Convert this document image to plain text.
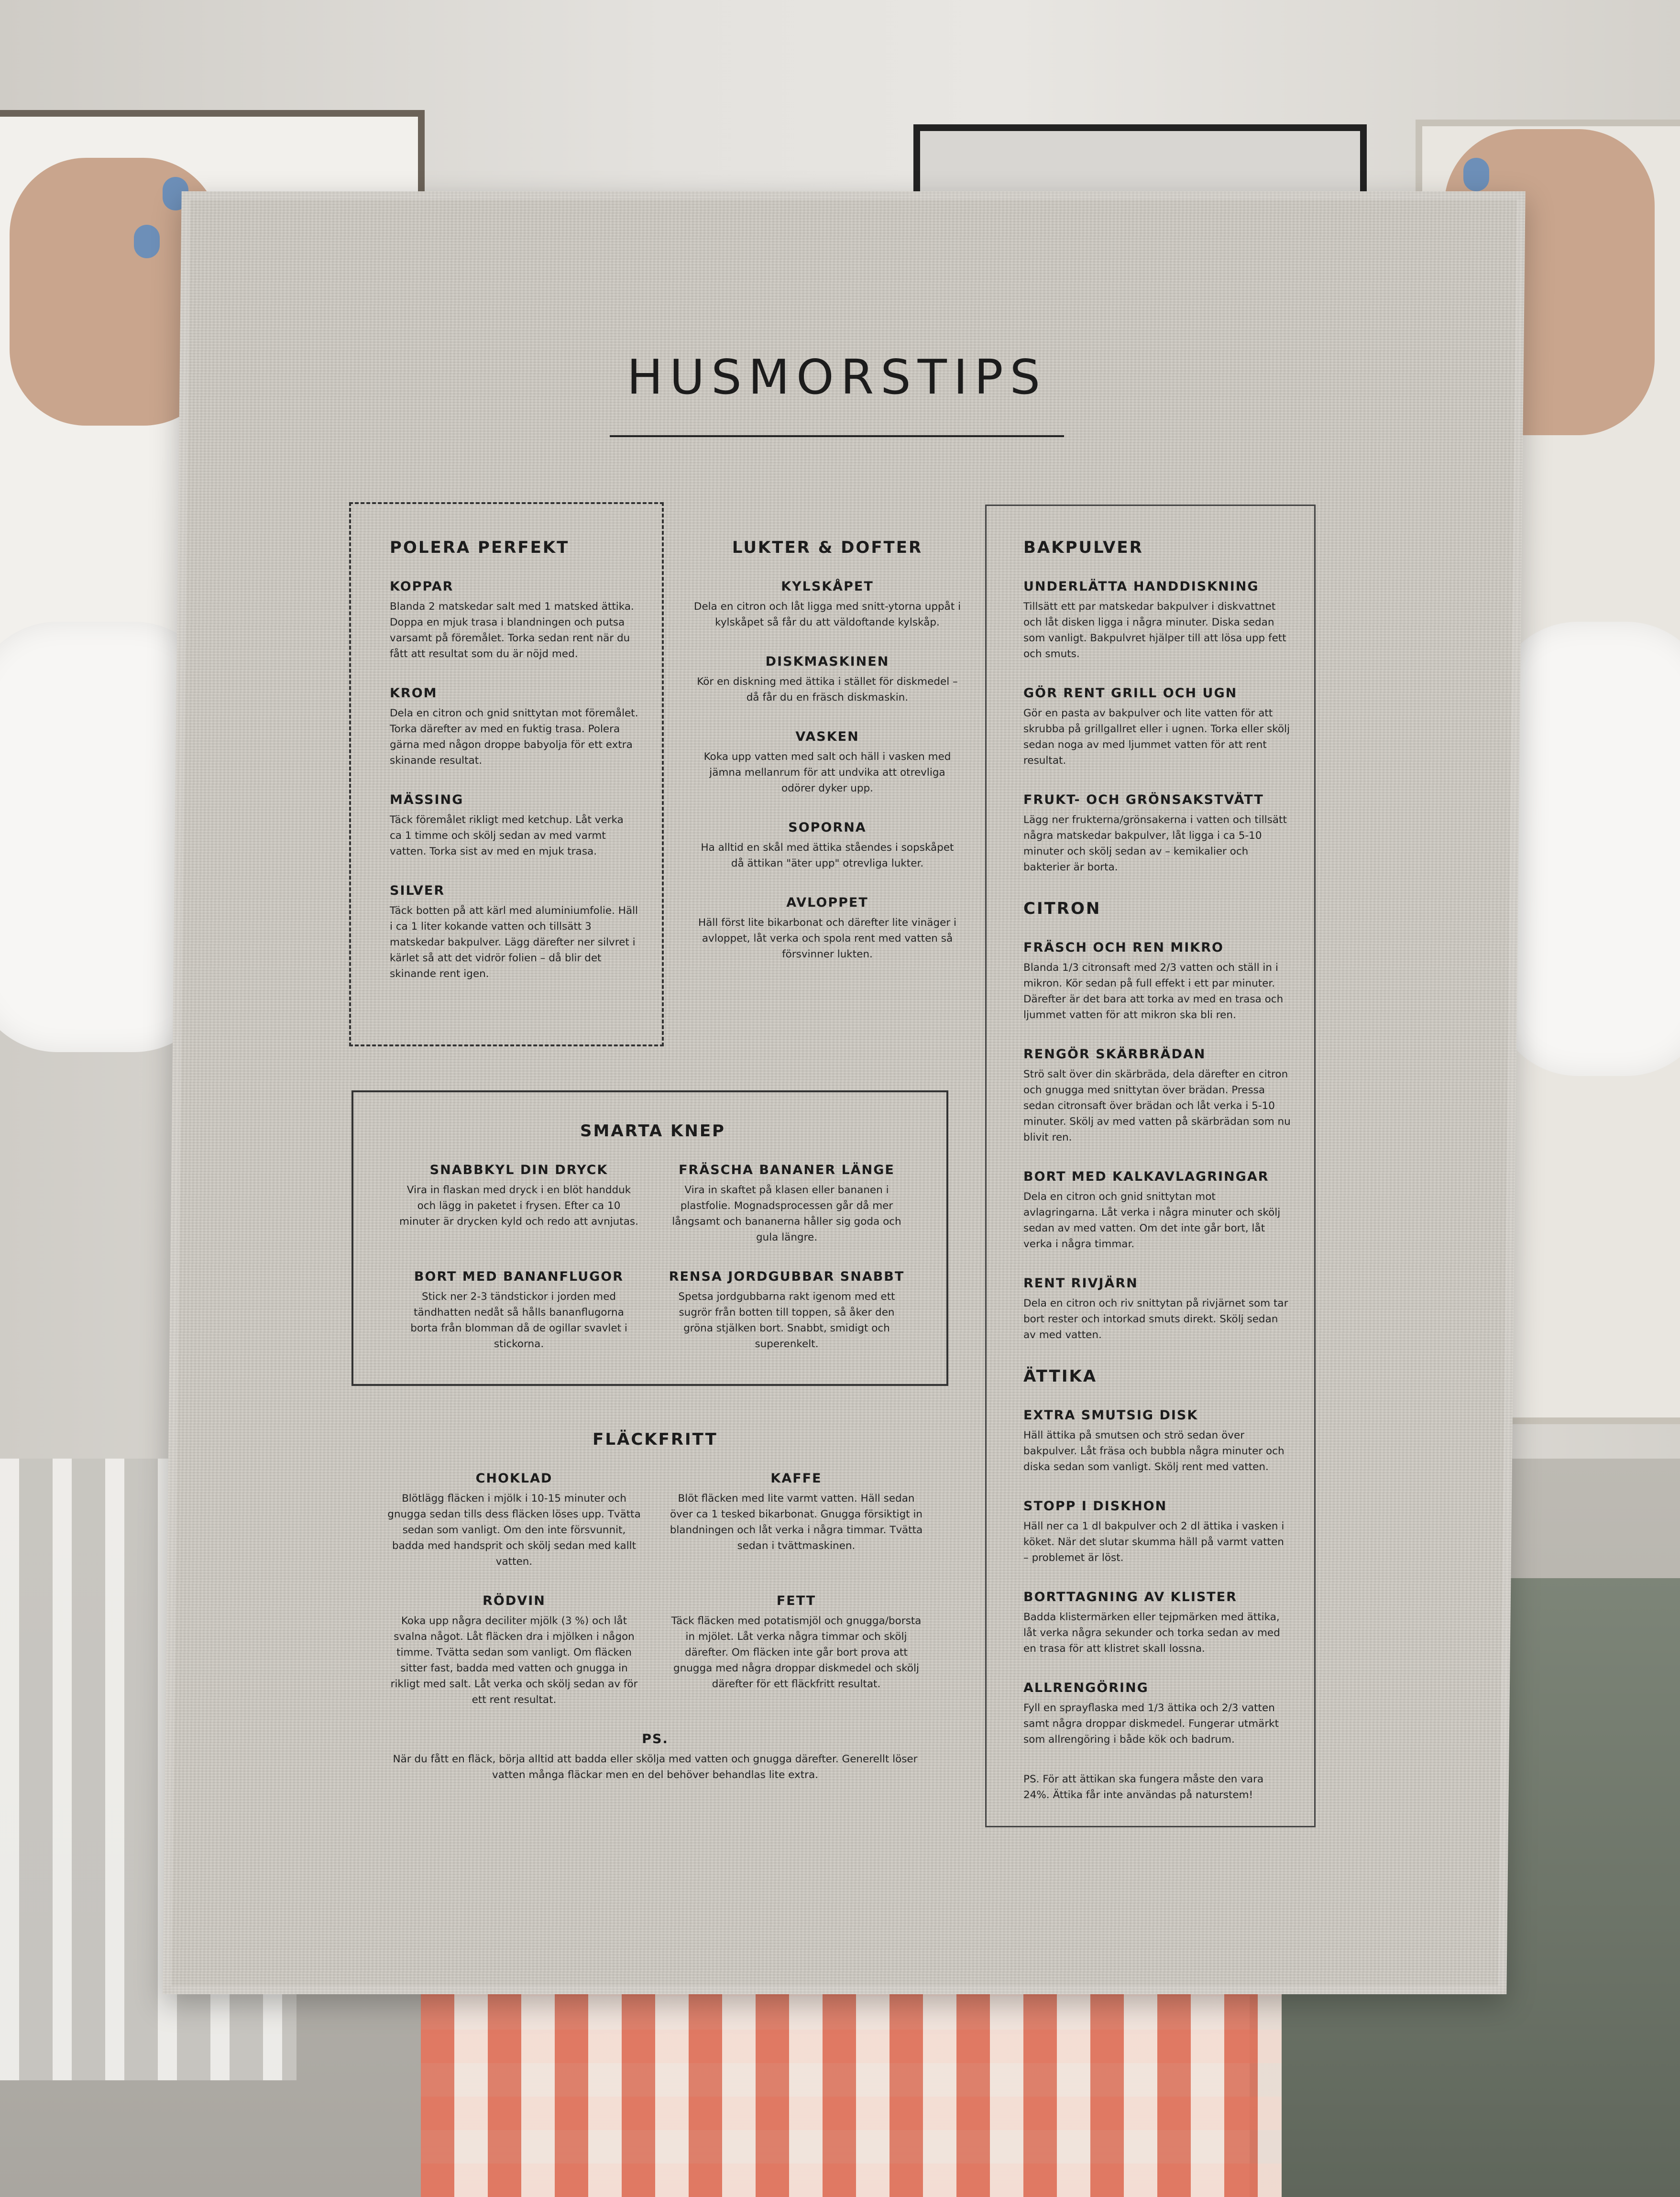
HUSMORSTIPS
POLERA PERFEKT
KOPPAR
Blanda 2 matskedar salt med 1 matsked ättika. Doppa en mjuk trasa i blandningen och putsa varsamt på föremålet. Torka sedan rent när du fått att resultat som du är nöjd med.
KROM
Dela en citron och gnid snittytan mot föremålet. Torka därefter av med en fuktig trasa. Polera gärna med någon droppe babyolja för ett extra skinande resultat.
MÄSSING
Täck föremålet rikligt med ketchup. Låt verka ca 1 timme och skölj sedan av med varmt vatten. Torka sist av med en mjuk trasa.
SILVER
Täck botten på att kärl med aluminiumfolie. Häll i ca 1 liter kokande vatten och tillsätt 3 matskedar bakpulver. Lägg därefter ner silvret i kärlet så att det vidrör folien – då blir det skinande rent igen.
LUKTER & DOFTER
KYLSKÅPET
Dela en citron och låt ligga med snitt-ytorna uppåt i kylskåpet så får du att väldoftande kylskåp.
DISKMASKINEN
Kör en diskning med ättika i stället för diskmedel – då får du en fräsch diskmaskin.
VASKEN
Koka upp vatten med salt och häll i vasken med jämna mellanrum för att undvika att otrevliga odörer dyker upp.
SOPORNA
Ha alltid en skål med ättika ståendes i sopskåpet då ättikan "äter upp" otrevliga lukter.
AVLOPPET
Häll först lite bikarbonat och därefter lite vinäger i avloppet, låt verka och spola rent med vatten så försvinner lukten.
SMARTA KNEP
SNABBKYL DIN DRYCK
Vira in flaskan med dryck i en blöt handduk och lägg in paketet i frysen. Efter ca 10 minuter är drycken kyld och redo att avnjutas.
FRÄSCHA BANANER LÄNGE
Vira in skaftet på klasen eller bananen i plastfolie. Mognadsprocessen går då mer långsamt och bananerna håller sig goda och gula längre.
BORT MED BANANFLUGOR
Stick ner 2-3 tändstickor i jorden med tändhatten nedåt så hålls bananflugorna borta från blomman då de ogillar svavlet i stickorna.
RENSA JORDGUBBAR SNABBT
Spetsa jordgubbarna rakt igenom med ett sugrör från botten till toppen, så åker den gröna stjälken bort. Snabbt, smidigt och superenkelt.
FLÄCKFRITT
CHOKLAD
Blötlägg fläcken i mjölk i 10-15 minuter och gnugga sedan tills dess fläcken löses upp. Tvätta sedan som vanligt. Om den inte försvunnit, badda med handsprit och skölj sedan med kallt vatten.
KAFFE
Blöt fläcken med lite varmt vatten. Häll sedan över ca 1 tesked bikarbonat. Gnugga försiktigt in blandningen och låt verka i några timmar. Tvätta sedan i tvättmaskinen.
RÖDVIN
Koka upp några deciliter mjölk (3 %) och låt svalna något. Låt fläcken dra i mjölken i någon timme. Tvätta sedan som vanligt. Om fläcken sitter fast, badda med vatten och gnugga in rikligt med salt. Låt verka och skölj sedan av för ett rent resultat.
FETT
Täck fläcken med potatismjöl och gnugga/borsta in mjölet. Låt verka några timmar och skölj därefter. Om fläcken inte går bort prova att gnugga med några droppar diskmedel och skölj därefter för ett fläckfritt resultat.
PS.
När du fått en fläck, börja alltid att badda eller skölja med vatten och gnugga därefter. Generellt löser vatten många fläckar men en del behöver behandlas lite extra.
BAKPULVER
UNDERLÄTTA HANDDISKNING
Tillsätt ett par matskedar bakpulver i diskvattnet och låt disken ligga i några minuter. Diska sedan som vanligt. Bakpulvret hjälper till att lösa upp fett och smuts.
GÖR RENT GRILL OCH UGN
Gör en pasta av bakpulver och lite vatten för att skrubba på grillgallret eller i ugnen. Torka eller skölj sedan noga av med ljummet vatten för att rent resultat.
FRUKT- OCH GRÖNSAKSTVÄTT
Lägg ner frukterna/grönsakerna i vatten och tillsätt några matskedar bakpulver, låt ligga i ca 5-10 minuter och skölj sedan av – kemikalier och bakterier är borta.
CITRON
FRÄSCH OCH REN MIKRO
Blanda 1/3 citronsaft med 2/3 vatten och ställ in i mikron. Kör sedan på full effekt i ett par minuter. Därefter är det bara att torka av med en trasa och ljummet vatten för att mikron ska bli ren.
RENGÖR SKÄRBRÄDAN
Strö salt över din skärbräda, dela därefter en citron och gnugga med snittytan över brädan. Pressa sedan citronsaft över brädan och låt verka i 5-10 minuter. Skölj av med vatten på skärbrädan som nu blivit ren.
BORT MED KALKAVLAGRINGAR
Dela en citron och gnid snittytan mot avlagringarna. Låt verka i några minuter och skölj sedan av med vatten. Om det inte går bort, låt verka i några timmar.
RENT RIVJÄRN
Dela en citron och riv snittytan på rivjärnet som tar bort rester och intorkad smuts direkt. Skölj sedan av med vatten.
ÄTTIKA
EXTRA SMUTSIG DISK
Häll ättika på smutsen och strö sedan över bakpulver. Låt fräsa och bubbla några minuter och diska sedan som vanligt. Skölj rent med vatten.
STOPP I DISKHON
Häll ner ca 1 dl bakpulver och 2 dl ättika i vasken i köket. När det slutar skumma häll på varmt vatten – problemet är löst.
BORTTAGNING AV KLISTER
Badda klistermärken eller tejpmärken med ättika, låt verka några sekunder och torka sedan av med en trasa för att klistret skall lossna.
ALLRENGÖRING
Fyll en sprayflaska med 1/3 ättika och 2/3 vatten samt några droppar diskmedel. Fungerar utmärkt som allrengöring i både kök och badrum.
PS. För att ättikan ska fungera måste den vara 24%. Ättika får inte användas på naturstem!
